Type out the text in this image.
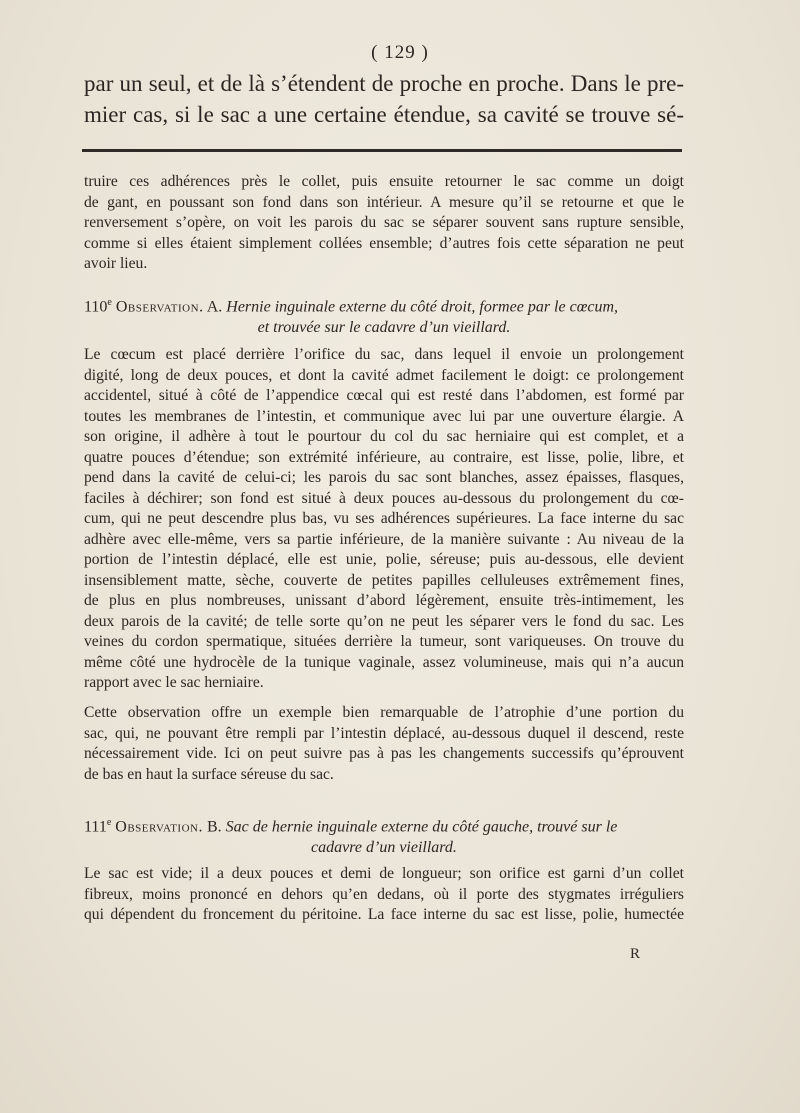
( 129 )
par un seul, et de là s’étendent de proche en proche. Dans le pre-
mier cas, si le sac a une certaine étendue, sa cavité se trouve sé-
truire ces adhérences près le collet, puis ensuite retourner le sac comme un doigt
de gant, en poussant son fond dans son intérieur. A mesure qu’il se retourne et que le
renversement s’opère, on voit les parois du sac se séparer souvent sans rupture sensible,
comme si elles étaient simplement collées ensemble; d’autres fois cette séparation ne peut
avoir lieu.
110e Observation. A. Hernie inguinale externe du côté droit, formee par le cœcum,
et trouvée sur le cadavre d’un vieillard.
Le cœcum est placé derrière l’orifice du sac, dans lequel il envoie un prolongement
digité, long de deux pouces, et dont la cavité admet facilement le doigt: ce prolongement
accidentel, situé à côté de l’appendice cœcal qui est resté dans l’abdomen, est formé par
toutes les membranes de l’intestin, et communique avec lui par une ouverture élargie. A
son origine, il adhère à tout le pourtour du col du sac herniaire qui est complet, et a
quatre pouces d’étendue; son extrémité inférieure, au contraire, est lisse, polie, libre, et
pend dans la cavité de celui-ci; les parois du sac sont blanches, assez épaisses, flasques,
faciles à déchirer; son fond est situé à deux pouces au-dessous du prolongement du cœ-
cum, qui ne peut descendre plus bas, vu ses adhérences supérieures. La face interne du sac
adhère avec elle-même, vers sa partie inférieure, de la manière suivante : Au niveau de la
portion de l’intestin déplacé, elle est unie, polie, séreuse; puis au-dessous, elle devient
insensiblement matte, sèche, couverte de petites papilles celluleuses extrêmement fines,
de plus en plus nombreuses, unissant d’abord légèrement, ensuite très-intimement, les
deux parois de la cavité; de telle sorte qu’on ne peut les séparer vers le fond du sac. Les
veines du cordon spermatique, situées derrière la tumeur, sont variqueuses. On trouve du
même côté une hydrocèle de la tunique vaginale, assez volumineuse, mais qui n’a aucun
rapport avec le sac herniaire.
Cette observation offre un exemple bien remarquable de l’atrophie d’une portion du
sac, qui, ne pouvant être rempli par l’intestin déplacé, au-dessous duquel il descend, reste
nécessairement vide. Ici on peut suivre pas à pas les changements successifs qu’éprouvent
de bas en haut la surface séreuse du sac.
111e Observation. B. Sac de hernie inguinale externe du côté gauche, trouvé sur le
cadavre d’un vieillard.
Le sac est vide; il a deux pouces et demi de longueur; son orifice est garni d’un collet
fibreux, moins prononcé en dehors qu’en dedans, où il porte des stygmates irréguliers
qui dépendent du froncement du péritoine. La face interne du sac est lisse, polie, humectée
R
